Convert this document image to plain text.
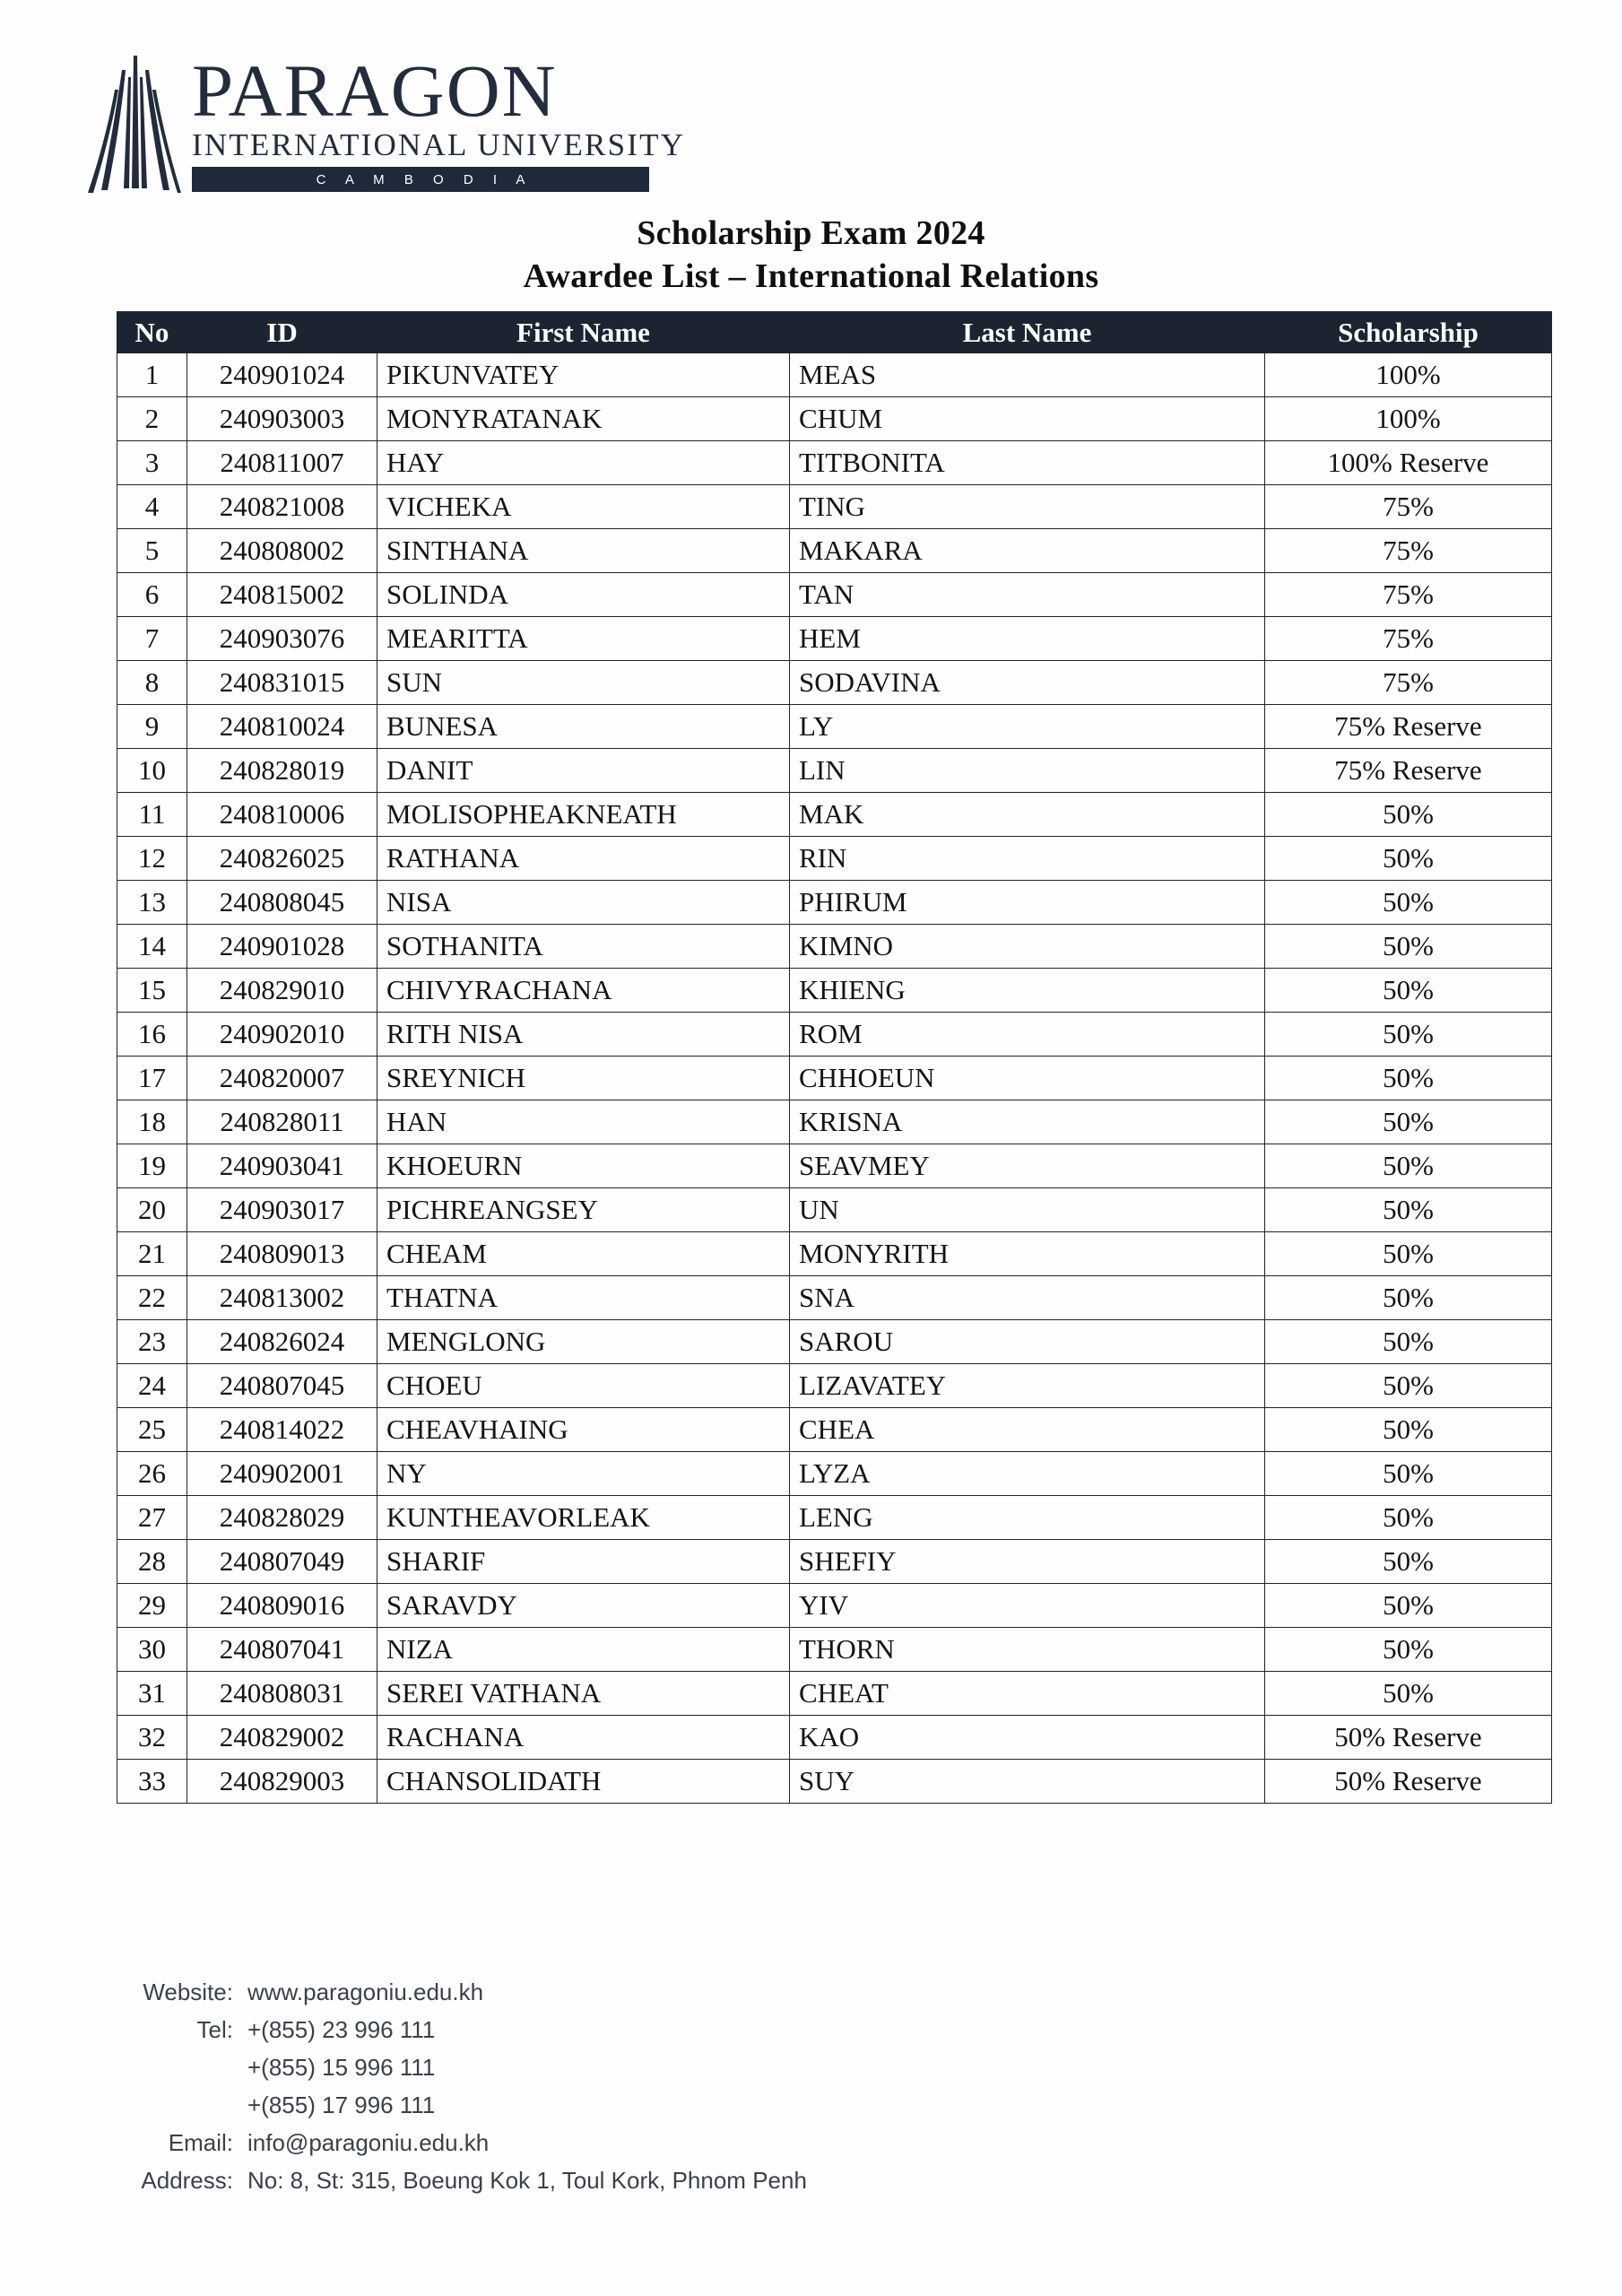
PARAGON
INTERNATIONAL UNIVERSITY
C A M B O D I A
Scholarship Exam 2024
Awardee List – International Relations
No	ID	First Name	Last Name	Scholarship
1	240901024	PIKUNVATEY	MEAS	100%
2	240903003	MONYRATANAK	CHUM	100%
3	240811007	HAY	TITBONITA	100% Reserve
4	240821008	VICHEKA	TING	75%
5	240808002	SINTHANA	MAKARA	75%
6	240815002	SOLINDA	TAN	75%
7	240903076	MEARITTA	HEM	75%
8	240831015	SUN	SODAVINA	75%
9	240810024	BUNESA	LY	75% Reserve
10	240828019	DANIT	LIN	75% Reserve
11	240810006	MOLISOPHEAKNEATH	MAK	50%
12	240826025	RATHANA	RIN	50%
13	240808045	NISA	PHIRUM	50%
14	240901028	SOTHANITA	KIMNO	50%
15	240829010	CHIVYRACHANA	KHIENG	50%
16	240902010	RITH NISA	ROM	50%
17	240820007	SREYNICH	CHHOEUN	50%
18	240828011	HAN	KRISNA	50%
19	240903041	KHOEURN	SEAVMEY	50%
20	240903017	PICHREANGSEY	UN	50%
21	240809013	CHEAM	MONYRITH	50%
22	240813002	THATNA	SNA	50%
23	240826024	MENGLONG	SAROU	50%
24	240807045	CHOEU	LIZAVATEY	50%
25	240814022	CHEAVHAING	CHEA	50%
26	240902001	NY	LYZA	50%
27	240828029	KUNTHEAVORLEAK	LENG	50%
28	240807049	SHARIF	SHEFIY	50%
29	240809016	SARAVDY	YIV	50%
30	240807041	NIZA	THORN	50%
31	240808031	SEREI VATHANA	CHEAT	50%
32	240829002	RACHANA	KAO	50% Reserve
33	240829003	CHANSOLIDATH	SUY	50% Reserve
Website: www.paragoniu.edu.kh
Tel: +(855) 23 996 111
+(855) 15 996 111
+(855) 17 996 111
Email: info@paragoniu.edu.kh
Address: No: 8, St: 315, Boeung Kok 1, Toul Kork, Phnom Penh
